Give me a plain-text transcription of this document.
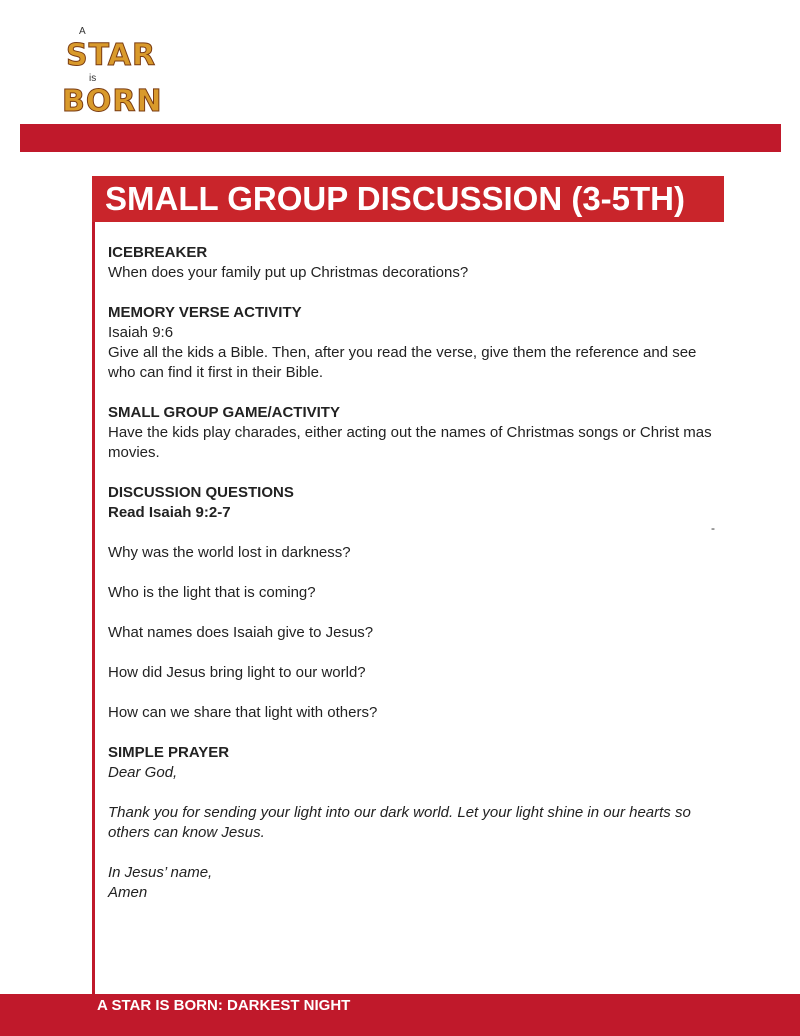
A
STAR
is
BORN
SMALL GROUP DISCUSSION (3-5TH)

ICEBREAKER

When does your family put up Christmas decorations?

MEMORY VERSE ACTIVITY

Isaiah 9:6

Give all the kids a Bible. Then, after you read the verse, give them the reference and see who can find it first in their Bible.

SMALL GROUP GAME/ACTIVITY

Have the kids play charades, either acting out the names of Christmas songs or Christ mas movies.

DISCUSSION QUESTIONS

Read Isaiah 9:2-7

Why was the world lost in darkness?

Who is the light that is coming?

What names does Isaiah give to Jesus?

How did Jesus bring light to our world?

How can we share that light with others?

SIMPLE PRAYER

Dear God,

Thank you for sending your light into our dark world. Let your light shine in our hearts so others can know Jesus.

In Jesus’ name,

Amen

-
A STAR IS BORN: DARKEST NIGHT
